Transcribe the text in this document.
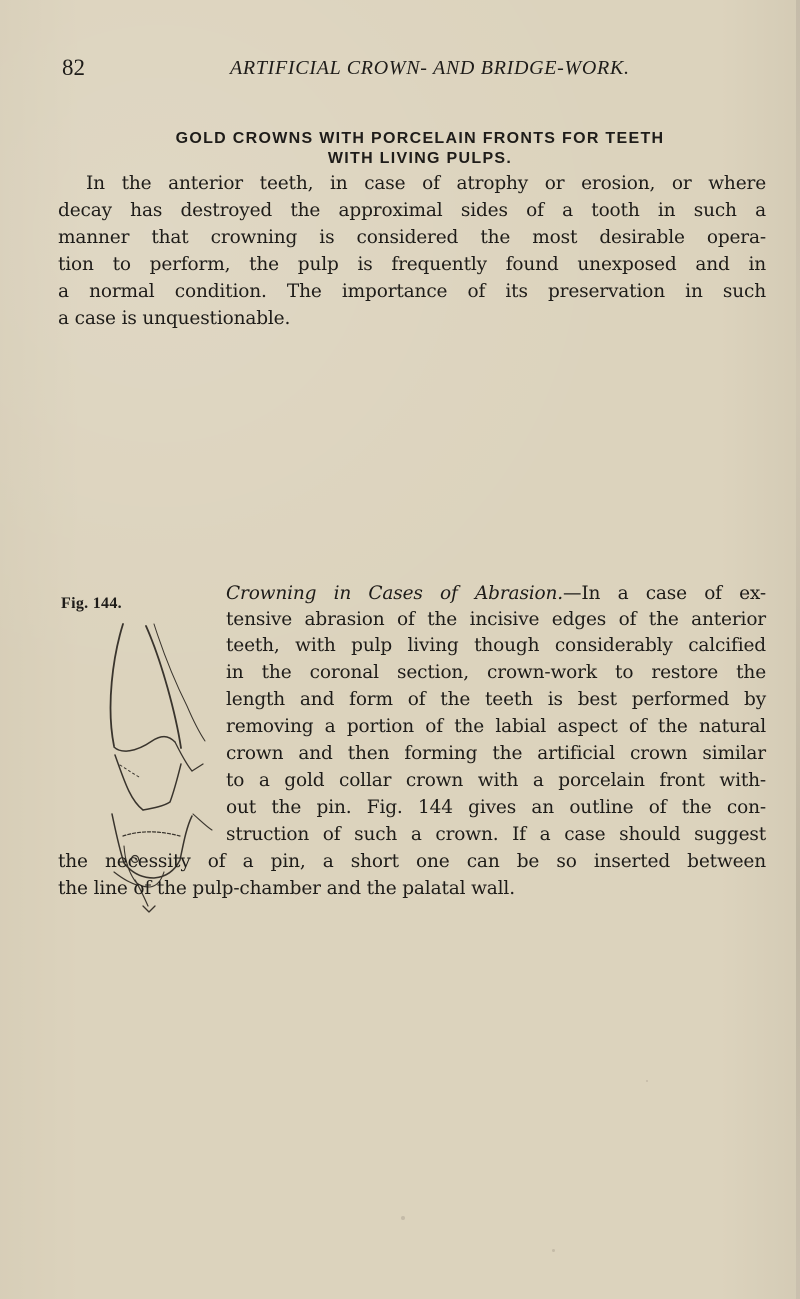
82	ARTIFICIAL CROWN- AND BRIDGE-WORK.
GOLD CROWNS WITH PORCELAIN FRONTS FOR TEETH
WITH LIVING PULPS.
In the anterior teeth, in case of atrophy or erosion, or where
decay has destroyed the approximal sides of a tooth in such a
manner that crowning is considered the most desirable opera-
tion to perform, the pulp is frequently found unexposed and in
a normal condition. The importance of its preservation in such
a case is unquestionable.
Fig. 144.	Crowning in Cases of Abrasion.—In a case of ex-
tensive abrasion of the incisive edges of the anterior
teeth, with pulp living though considerably calcified
in the coronal section, crown-work to restore the
length and form of the teeth is best performed by
removing a portion of the labial aspect of the natural
crown and then forming the artificial crown similar
to a gold collar crown with a porcelain front with-
out the pin. Fig. 144 gives an outline of the con-
struction of such a crown. If a case should suggest
the necessity of a pin, a short one can be so inserted between
the line of the pulp-chamber and the palatal wall.
